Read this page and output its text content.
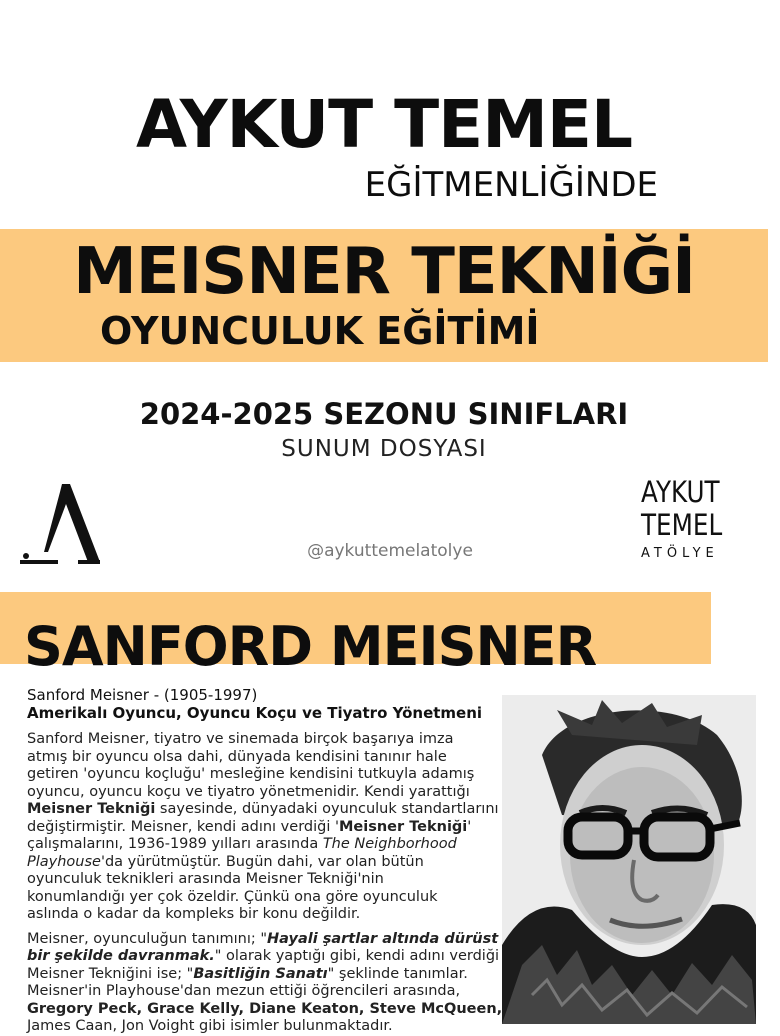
AYKUT TEMEL
EĞİTMENLİĞİNDE
MEISNER TEKNİĞİ
OYUNCULUK EĞİTİMİ
2024-2025 SEZONU SINIFLARI
SUNUM DOSYASI
@aykuttemelatolye
AYKUT
TEMEL
ATÖLYE
SANFORD MEISNER
Sanford Meisner - (1905-1997)
Amerikalı Oyuncu, Oyuncu Koçu ve Tiyatro Yönetmeni
Sanford Meisner, tiyatro ve sinemada birçok başarıya imza
atmış bir oyuncu olsa dahi, dünyada kendisini tanınır hale
getiren 'oyuncu koçluğu' mesleğine kendisini tutkuyla adamış
oyuncu, oyuncu koçu ve tiyatro yönetmenidir. Kendi yarattığı
Meisner Tekniği sayesinde, dünyadaki oyunculuk standartlarını
değiştirmiştir. Meisner, kendi adını verdiği 'Meisner Tekniği'
çalışmalarını, 1936-1989 yılları arasında The Neighborhood
Playhouse'da yürütmüştür. Bugün dahi, var olan bütün
oyunculuk teknikleri arasında Meisner Tekniği'nin
konumlandığı yer çok özeldir. Çünkü ona göre oyunculuk
aslında o kadar da kompleks bir konu değildir.
Meisner, oyunculuğun tanımını; "Hayali şartlar altında dürüst
bir şekilde davranmak." olarak yaptığı gibi, kendi adını verdiği
Meisner Tekniğini ise; "Basitliğin Sanatı" şeklinde tanımlar.
Meisner'in Playhouse'dan mezun ettiği öğrencileri arasında,
Gregory Peck, Grace Kelly, Diane Keaton, Steve McQueen,
James Caan, Jon Voight gibi isimler bulunmaktadır.
